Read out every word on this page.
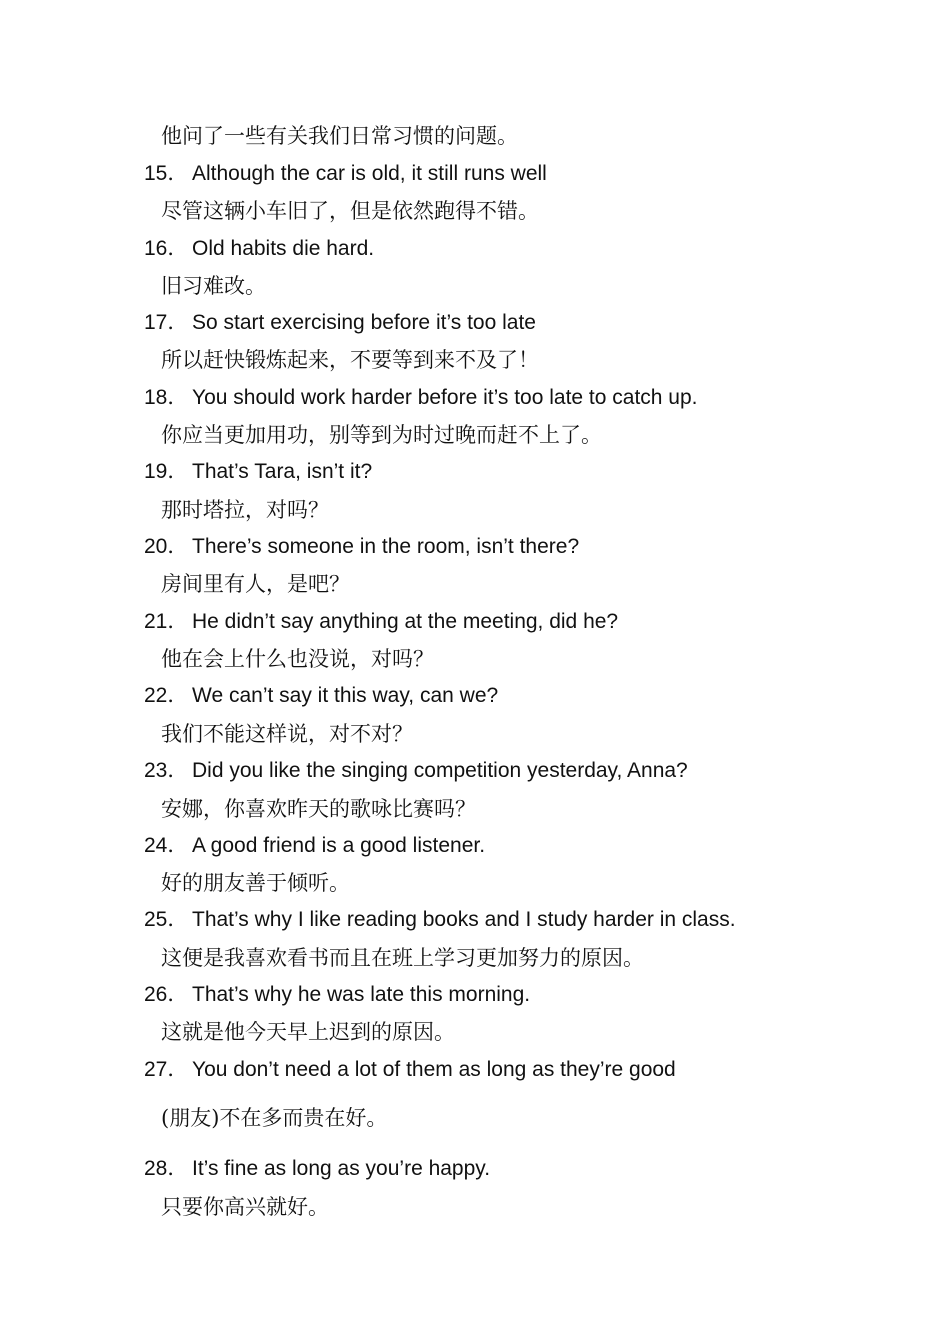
他问了一些有关我们日常习惯的问题。
15． Although the car is old, it still runs well
尽管这辆小车旧了，但是依然跑得不错。
16． Old habits die hard.
旧习难改。
17． So start exercising before it’s too late
所以赶快锻炼起来，不要等到来不及了！
18． You should work harder before it’s too late to catch up.
你应当更加用功，别等到为时过晚而赶不上了。
19． That’s Tara, isn’t it?
那时塔拉，对吗？
20． There’s someone in the room, isn’t there?
房间里有人，是吧？
21． He didn’t say anything at the meeting, did he?
他在会上什么也没说，对吗？
22． We can’t say it this way, can we?
我们不能这样说，对不对？
23． Did you like the singing competition yesterday, Anna?
安娜，你喜欢昨天的歌咏比赛吗？
24． A good friend is a good listener.
好的朋友善于倾听。
25． That’s why I like reading books and I study harder in class.
这便是我喜欢看书而且在班上学习更加努力的原因。
26． That’s why he was late this morning.
这就是他今天早上迟到的原因。
27． You don’t need a lot of them as long as they’re good
(朋友)不在多而贵在好。
28． It’s fine as long as you’re happy.
只要你高兴就好。
